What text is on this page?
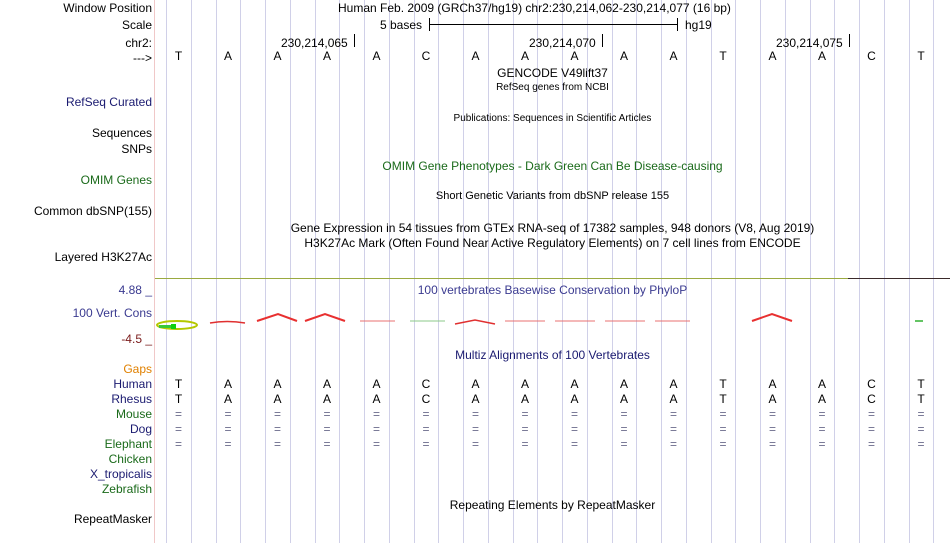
Window Position	Human Feb. 2009 (GRCh37/hg19) chr2:230,214,062-230,214,077 (16 bp)
Scale	5 bases	hg19
chr2:	230,214,065	230,214,070	230,214,075
--->	T	A	A	A	A	C	A	A	A	A	A	T	A	A	C	T
GENCODE V49lift37
RefSeq genes from NCBI
RefSeq Curated
Publications: Sequences in Scientific Articles
Sequences
SNPs
OMIM Gene Phenotypes - Dark Green Can Be Disease-causing
OMIM Genes
Short Genetic Variants from dbSNP release 155
Common dbSNP(155)
Gene Expression in 54 tissues from GTEx RNA-seq of 17382 samples, 948 donors (V8, Aug 2019)
H3K27Ac Mark (Often Found Near Active Regulatory Elements) on 7 cell lines from ENCODE
Layered H3K27Ac
4.88 _	100 vertebrates Basewise Conservation by PhyloP
100 Vert. Cons
-4.5 _
Multiz Alignments of 100 Vertebrates
Gaps
Human	T	A	A	A	A	C	A	A	A	A	A	T	A	A	C	T
Rhesus	T	A	A	A	A	C	A	A	A	A	A	T	A	A	C	T
Mouse	=	=	=	=	=	=	=	=	=	=	=	=	=	=	=	=
Dog	=	=	=	=	=	=	=	=	=	=	=	=	=	=	=	=
Elephant	=	=	=	=	=	=	=	=	=	=	=	=	=	=	=	=
Chicken
X_tropicalis
Zebrafish
Repeating Elements by RepeatMasker
RepeatMasker
